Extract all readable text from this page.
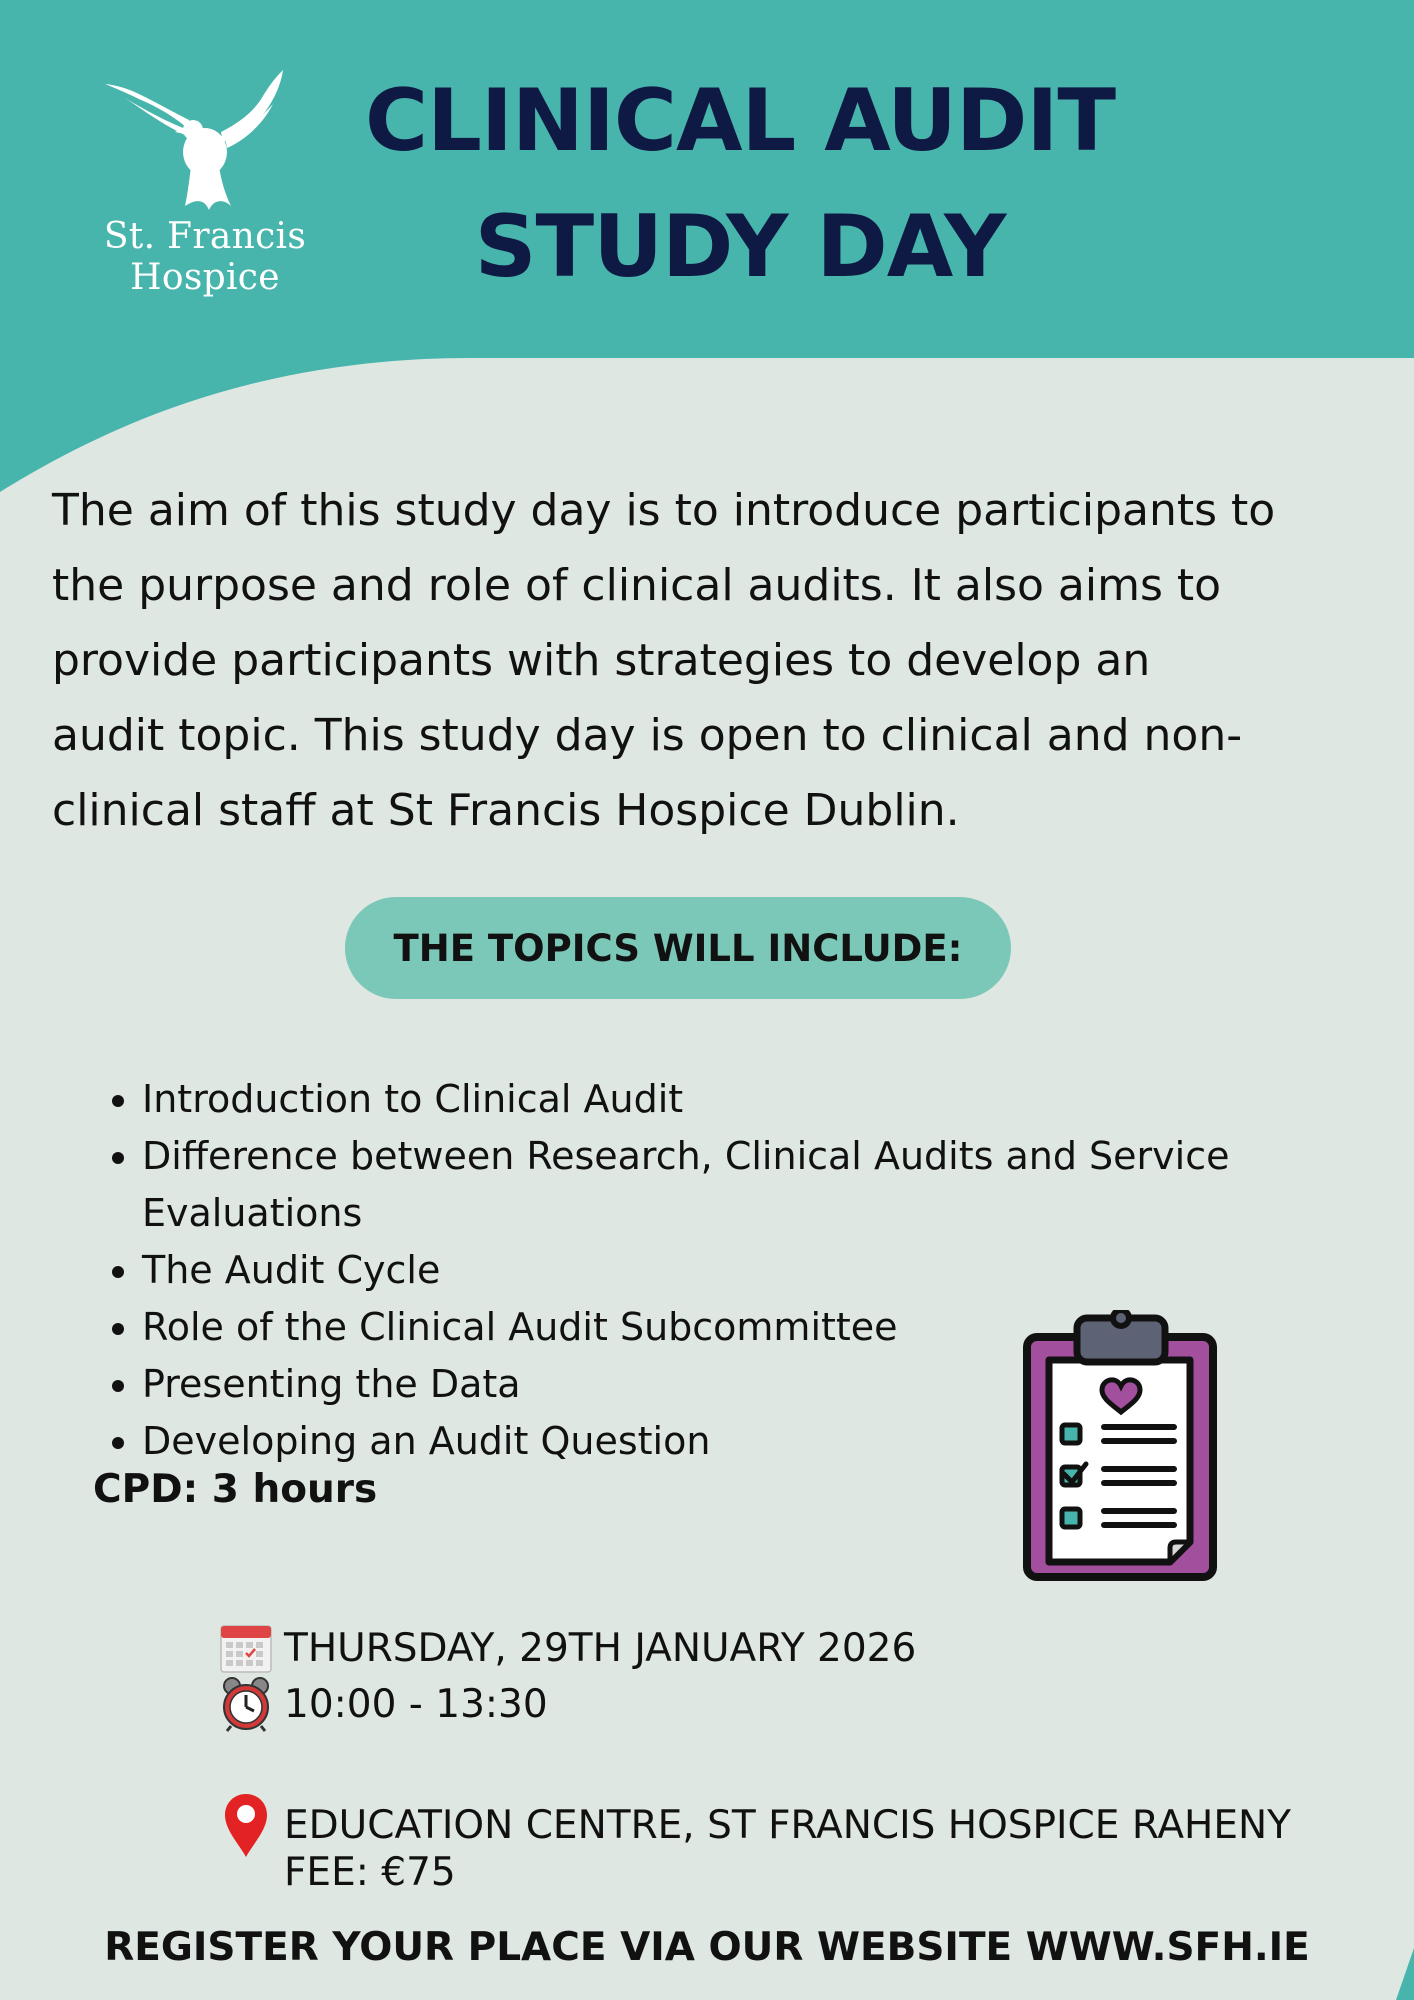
St. Francis Hospice
CLINICAL AUDIT
STUDY DAY
The aim of this study day is to introduce participants to
the purpose and role of clinical audits. It also aims to
provide participants with strategies to develop an
audit topic. This study day is open to clinical and non-
clinical staff at St Francis Hospice Dublin.
THE TOPICS WILL INCLUDE:
• Introduction to Clinical Audit
• Difference between Research, Clinical Audits and Service Evaluations
• The Audit Cycle
• Role of the Clinical Audit Subcommittee
• Presenting the Data
• Developing an Audit Question
CPD: 3 hours
THURSDAY, 29TH JANUARY 2026
10:00 - 13:30
EDUCATION CENTRE, ST FRANCIS HOSPICE RAHENY
FEE: €75
REGISTER YOUR PLACE VIA OUR WEBSITE WWW.SFH.IE
